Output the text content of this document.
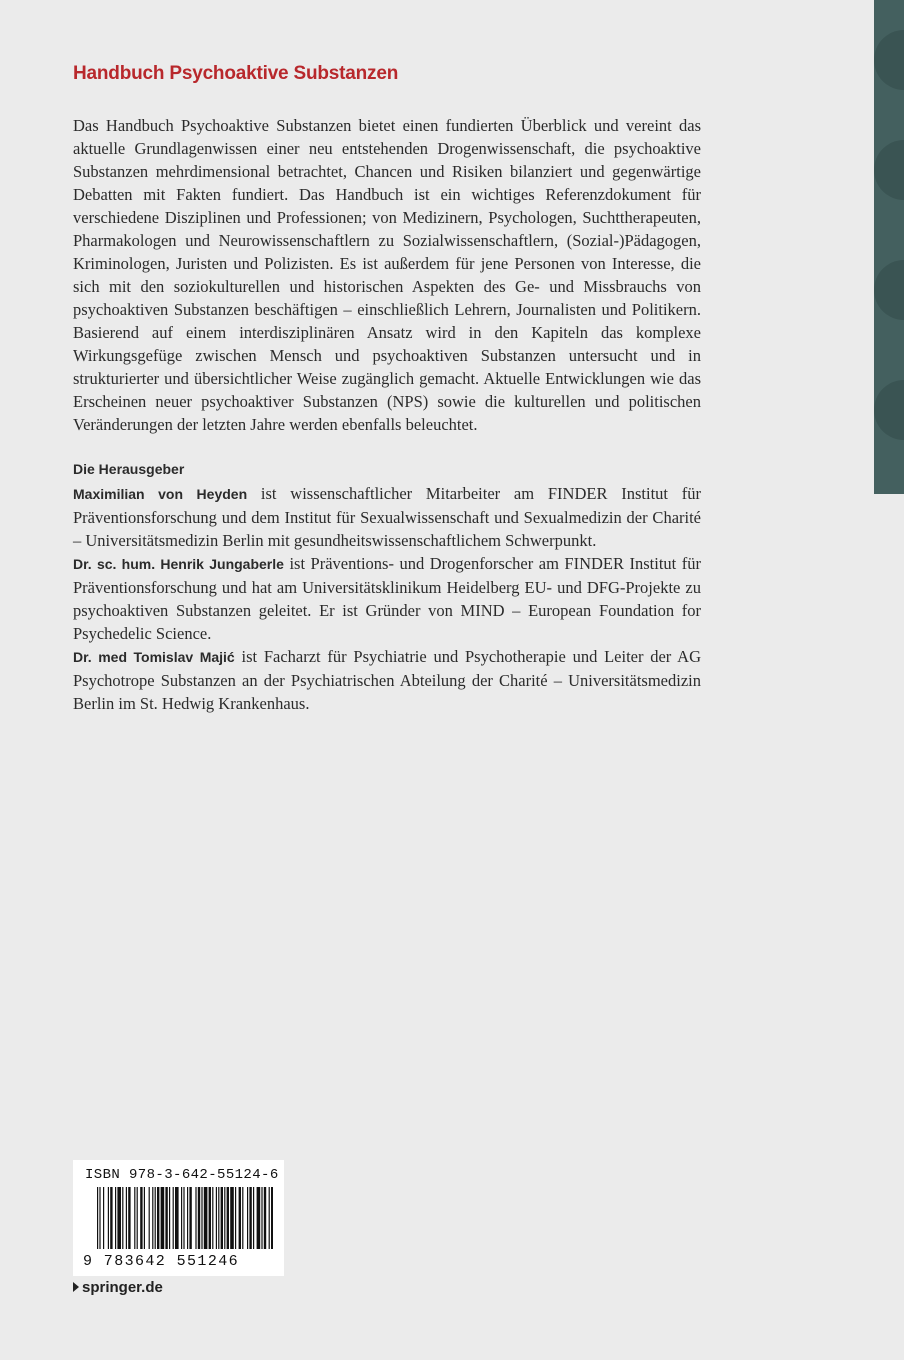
Handbuch Psychoaktive Substanzen

Das Handbuch Psychoaktive Substanzen bietet einen fundierten Überblick und vereint das aktuelle Grundlagenwissen einer neu entstehenden Drogenwissenschaft, die psychoaktive Substanzen mehrdimensional betrachtet, Chancen und Risiken bilanziert und gegenwärtige Debatten mit Fakten fundiert. Das Handbuch ist ein wichtiges Referenzdokument für verschiedene Disziplinen und Professionen; von Medizinern, Psychologen, Suchttherapeuten, Pharmakologen und Neurowissenschaftlern zu Sozialwissenschaftlern, (Sozial-)Pädagogen, Kriminologen, Juristen und Polizisten. Es ist außerdem für jene Personen von Interesse, die sich mit den soziokulturellen und historischen Aspekten des Ge- und Missbrauchs von psychoaktiven Substanzen beschäftigen – einschließlich Lehrern, Journalisten und Politikern. Basierend auf einem interdisziplinären Ansatz wird in den Kapiteln das komplexe Wirkungsgefüge zwischen Mensch und psychoaktiven Substanzen untersucht und in strukturierter und übersichtlicher Weise zugänglich gemacht. Aktuelle Entwicklungen wie das Erscheinen neuer psychoaktiver Substanzen (NPS) sowie die kulturellen und politischen Veränderungen der letzten Jahre werden ebenfalls beleuchtet.

Die Herausgeber

Maximilian von Heyden ist wissenschaftlicher Mitarbeiter am FINDER Institut für Präventionsforschung und dem Institut für Sexualwissenschaft und Sexualmedizin der Charité – Universitätsmedizin Berlin mit gesundheitswissenschaftlichem Schwerpunkt.

Dr. sc. hum. Henrik Jungaberle ist Präventions- und Drogenforscher am FINDER Institut für Präventionsforschung und hat am Universitätsklinikum Heidelberg EU- und DFG-Projekte zu psychoaktiven Substanzen geleitet. Er ist Gründer von MIND – European Foundation for Psychedelic Science.

Dr. med Tomislav Majić ist Facharzt für Psychiatrie und Psychotherapie und Leiter der AG Psychotrope Substanzen an der Psychiatrischen Abteilung der Charité – Universitätsmedizin Berlin im St. Hedwig Krankenhaus.

ISBN 978-3-642-55124-6
9 783642 551246
springer.de
